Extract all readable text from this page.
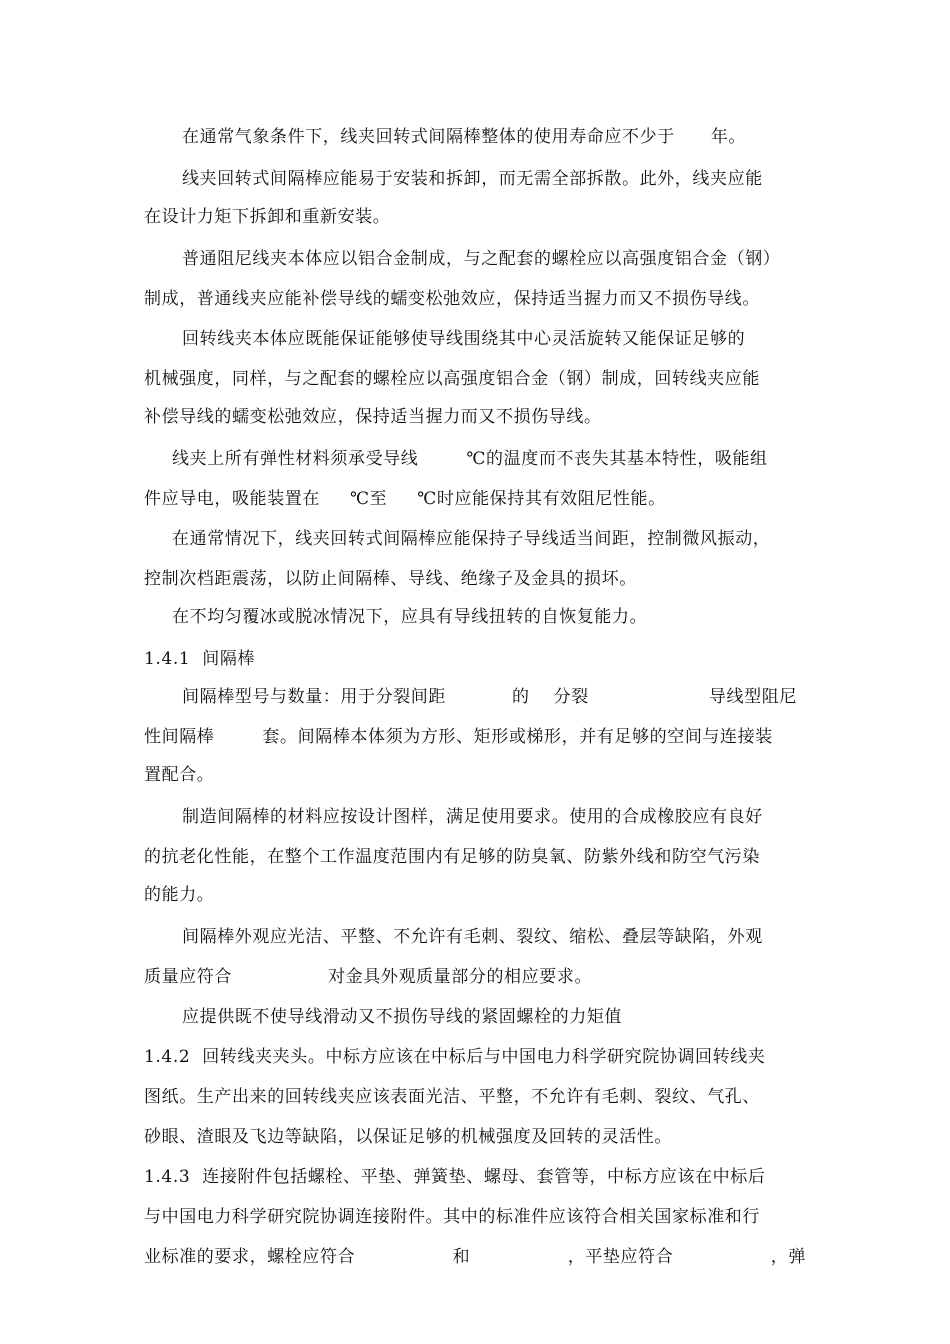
在通常气象条件下，线夹回转式间隔棒整体的使用寿命应不少于      年。
线夹回转式间隔棒应能易于安装和拆卸，而无需全部拆散。此外，线夹应能
在设计力矩下拆卸和重新安装。
普通阻尼线夹本体应以铝合金制成，与之配套的螺栓应以高强度铝合金（钢）
制成，普通线夹应能补偿导线的蠕变松弛效应，保持适当握力而又不损伤导线。
回转线夹本体应既能保证能够使导线围绕其中心灵活旋转又能保证足够的
机械强度，同样，与之配套的螺栓应以高强度铝合金（钢）制成，回转线夹应能
补偿导线的蠕变松弛效应，保持适当握力而又不损伤导线。
线夹上所有弹性材料须承受导线        ℃的温度而不丧失其基本特性，吸能组
件应导电，吸能装置在     ℃至     ℃时应能保持其有效阻尼性能。
在通常情况下，线夹回转式间隔棒应能保持子导线适当间距，控制微风振动，
控制次档距震荡，以防止间隔棒、导线、绝缘子及金具的损坏。
在不均匀覆冰或脱冰情况下，应具有导线扭转的自恢复能力。
1.4.1  间隔棒
间隔棒型号与数量：用于分裂间距           的    分裂                    导线型阻尼
性间隔棒        套。间隔棒本体须为方形、矩形或梯形，并有足够的空间与连接装
置配合。
制造间隔棒的材料应按设计图样，满足使用要求。使用的合成橡胶应有良好
的抗老化性能，在整个工作温度范围内有足够的防臭氧、防紫外线和防空气污染
的能力。
间隔棒外观应光洁、平整、不允许有毛刺、裂纹、缩松、叠层等缺陷，外观
质量应符合                对金具外观质量部分的相应要求。
应提供既不使导线滑动又不损伤导线的紧固螺栓的力矩值
1.4.2  回转线夹夹头。中标方应该在中标后与中国电力科学研究院协调回转线夹
图纸。生产出来的回转线夹应该表面光洁、平整，不允许有毛刺、裂纹、气孔、
砂眼、渣眼及飞边等缺陷，以保证足够的机械强度及回转的灵活性。
1.4.3  连接附件包括螺栓、平垫、弹簧垫、螺母、套管等，中标方应该在中标后
与中国电力科学研究院协调连接附件。其中的标准件应该符合相关国家标准和行
业标准的要求，螺栓应符合	和	，平垫应符合	，弹
